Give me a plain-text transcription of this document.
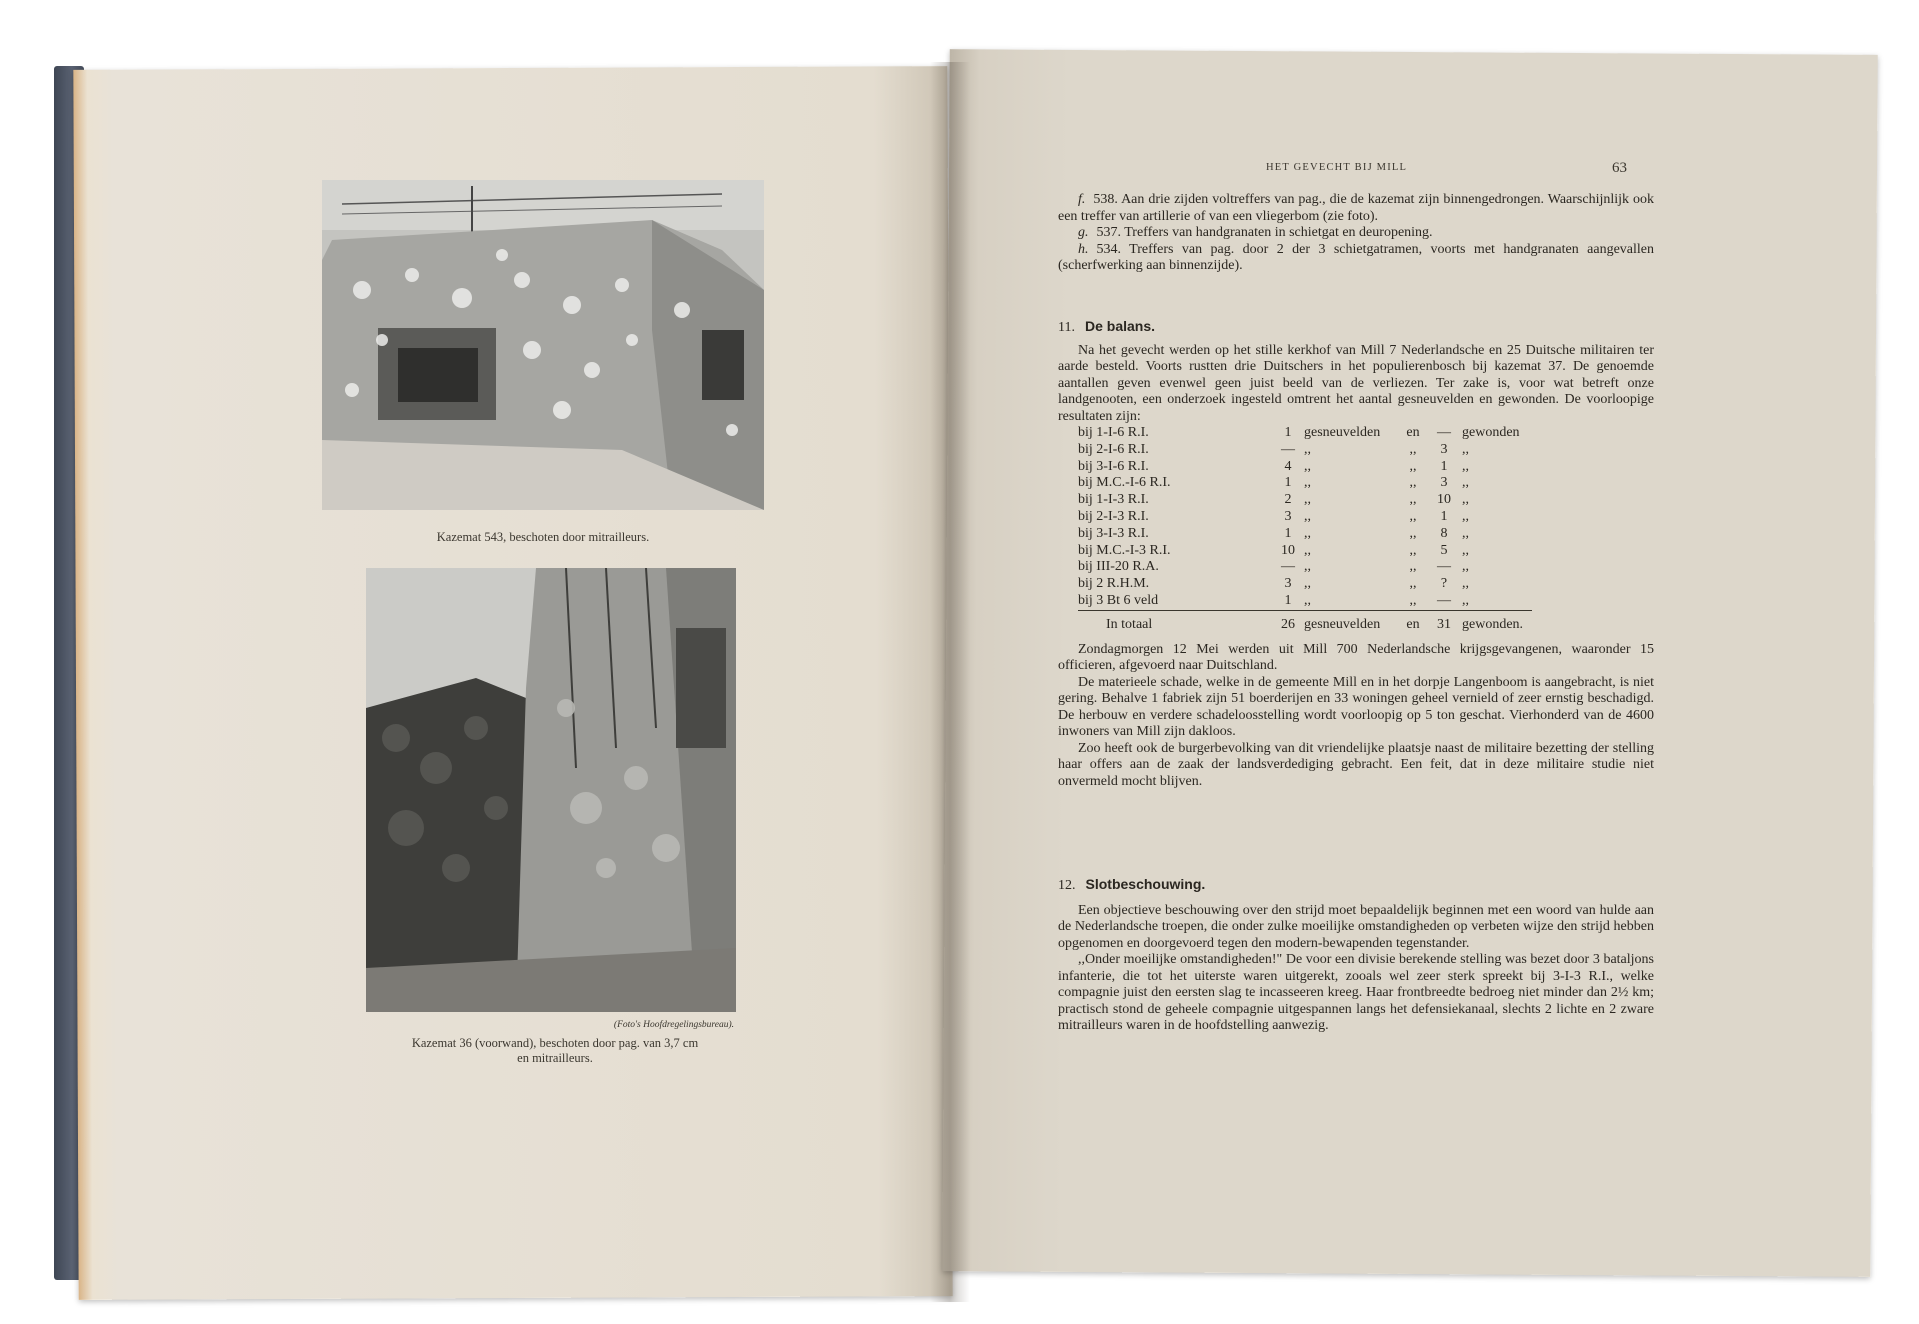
Kazemat 543, beschoten door mitrailleurs.
(Foto's Hoofdregelingsbureau).
Kazemat 36 (voorwand), beschoten door pag. van 3,7 cm
en mitrailleurs.
HET GEVECHT BIJ MILL	63

f. 538. Aan drie zijden voltreffers van pag., die de kazemat zijn binnengedrongen. Waarschijnlijk ook een treffer van artillerie of van een vliegerbom (zie foto).

g. 537. Treffers van handgranaten in schietgat en deuropening.

h. 534. Treffers van pag. door 2 der 3 schietgatramen, voorts met handgranaten aangevallen (scherfwerking aan binnenzijde).

11. De balans.

Na het gevecht werden op het stille kerkhof van Mill 7 Nederlandsche en 25 Duitsche militairen ter aarde besteld. Voorts rustten drie Duitschers in het populierenbosch bij kazemat 37. De genoemde aantallen geven evenwel geen juist beeld van de verliezen. Ter zake is, voor wat betreft onze landgenooten, een onderzoek ingesteld omtrent het aantal gesneuvelden en gewonden. De voorloopige resultaten zijn:

bij 1-I-6 R.I.	1	gesneuvelden	en	—	gewonden
bij 2-I-6 R.I.	—	,,	,,	3	,,
bij 3-I-6 R.I.	4	,,	,,	1	,,
bij M.C.-I-6 R.I.	1	,,	,,	3	,,
bij 1-I-3 R.I.	2	,,	,,	10	,,
bij 2-I-3 R.I.	3	,,	,,	1	,,
bij 3-I-3 R.I.	1	,,	,,	8	,,
bij M.C.-I-3 R.I.	10	,,	,,	5	,,
bij III-20 R.A.	—	,,	,,	—	,,
bij 2 R.H.M.	3	,,	,,	?	,,
bij 3 Bt 6 veld	1	,,	,,	—	,,
In totaal	26	gesneuvelden	en	31	gewonden.

Zondagmorgen 12 Mei werden uit Mill 700 Nederlandsche krijgsgevangenen, waaronder 15 officieren, afgevoerd naar Duitschland.

De materieele schade, welke in de gemeente Mill en in het dorpje Langenboom is aangebracht, is niet gering. Behalve 1 fabriek zijn 51 boerderijen en 33 woningen geheel vernield of zeer ernstig beschadigd. De herbouw en verdere schadeloosstelling wordt voorloopig op 5 ton geschat. Vierhonderd van de 4600 inwoners van Mill zijn dakloos.

Zoo heeft ook de burgerbevolking van dit vriendelijke plaatsje naast de militaire bezetting der stelling haar offers aan de zaak der landsverdediging gebracht. Een feit, dat in deze militaire studie niet onvermeld mocht blijven.

12. Slotbeschouwing.

Een objectieve beschouwing over den strijd moet bepaaldelijk beginnen met een woord van hulde aan de Nederlandsche troepen, die onder zulke moeilijke omstandigheden op verbeten wijze den strijd hebben opgenomen en doorgevoerd tegen den modern-bewapenden tegenstander.

,,Onder moeilijke omstandigheden!" De voor een divisie berekende stelling was bezet door 3 bataljons infanterie, die tot het uiterste waren uitgerekt, zooals wel zeer sterk spreekt bij 3-I-3 R.I., welke compagnie juist den eersten slag te incasseeren kreeg. Haar frontbreedte bedroeg niet minder dan 2½ km; practisch stond de geheele compagnie uitgespannen langs het defensiekanaal, slechts 2 lichte en 2 zware mitrailleurs waren in de hoofdstelling aanwezig.
